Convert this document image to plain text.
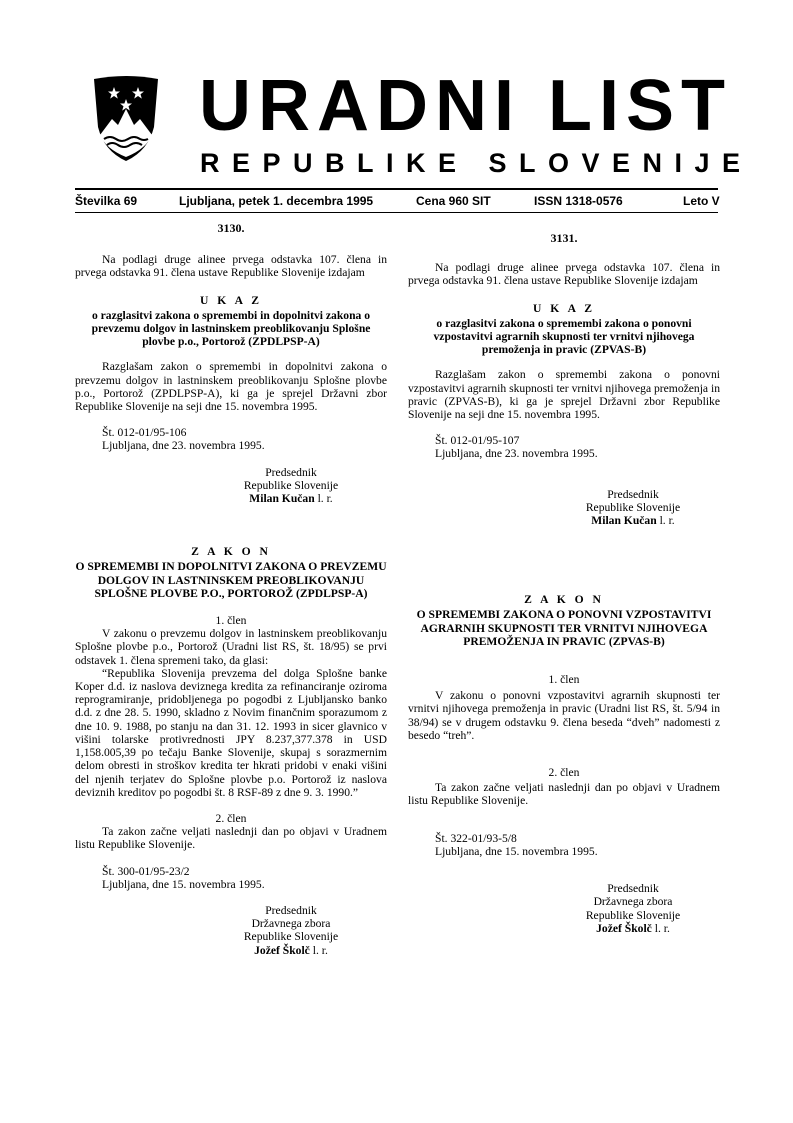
URADNI LIST
REPUBLIKE SLOVENIJE
Številka 69	Ljubljana, petek 1. decembra 1995	Cena 960 SIT	ISSN 1318-0576	Leto V

3130.

Na podlagi druge alinee prvega odstavka 107. člena in prvega odstavka 91. člena ustave Republike Slovenije izdajam

U K A Z

o razglasitvi zakona o spremembi in dopolnitvi zakona o prevzemu dolgov in lastninskem preoblikovanju Splošne plovbe p.o., Portorož (ZPDLPSP-A)

Razglašam zakon o spremembi in dopolnitvi zakona o prevzemu dolgov in lastninskem preoblikovanju Splošne plovbe p.o., Portorož (ZPDLPSP-A), ki ga je sprejel Državni zbor Republike Slovenije na seji dne 15. novembra 1995.

Št. 012-01/95-106

Ljubljana, dne 23. novembra 1995.

Predsednik

Republike Slovenije

Milan Kučan l. r.

Z A K O N

O SPREMEMBI IN DOPOLNITVI ZAKONA O PREVZEMU DOLGOV IN LASTNINSKEM PREOBLIKOVANJU SPLOŠNE PLOVBE P.O., PORTOROŽ (ZPDLPSP-A)

1. člen

V zakonu o prevzemu dolgov in lastninskem preoblikovanju Splošne plovbe p.o., Portorož (Uradni list RS, št. 18/95) se prvi odstavek 1. člena spremeni tako, da glasi:

“Republika Slovenija prevzema del dolga Splošne banke Koper d.d. iz naslova deviznega kredita za refinanciranje oziroma reprogramiranje, pridobljenega po pogodbi z Ljubljansko banko d.d. z dne 28. 5. 1990, skladno z Novim finančnim sporazumom z dne 10. 9. 1988, po stanju na dan 31. 12. 1993 in sicer glavnico v višini tolarske protivrednosti JPY 8.237,377.378 in USD 1,158.005,39 po tečaju Banke Slovenije, skupaj s sorazmernim delom obresti in stroškov kredita ter hkrati pridobi v enaki višini del njenih terjatev do Splošne plovbe p.o. Portorož iz naslova deviznih kreditov po pogodbi št. 8 RSF-89 z dne 9. 3. 1990.”

2. člen

Ta zakon začne veljati naslednji dan po objavi v Uradnem listu Republike Slovenije.

Št. 300-01/95-23/2

Ljubljana, dne 15. novembra 1995.

Predsednik

Državnega zbora

Republike Slovenije

Jožef Školč l. r.

3131.

Na podlagi druge alinee prvega odstavka 107. člena in prvega odstavka 91. člena ustave Republike Slovenije izdajam

U K A Z

o razglasitvi zakona o spremembi zakona o ponovni vzpostavitvi agrarnih skupnosti ter vrnitvi njihovega premoženja in pravic (ZPVAS-B)

Razglašam zakon o spremembi zakona o ponovni vzpostavitvi agrarnih skupnosti ter vrnitvi njihovega premoženja in pravic (ZPVAS-B), ki ga je sprejel Državni zbor Republike Slovenije na seji dne 15. novembra 1995.

Št. 012-01/95-107

Ljubljana, dne 23. novembra 1995.

Predsednik

Republike Slovenije

Milan Kučan l. r.

Z A K O N

O SPREMEMBI ZAKONA O PONOVNI VZPOSTAVITVI AGRARNIH SKUPNOSTI TER VRNITVI NJIHOVEGA PREMOŽENJA IN PRAVIC (ZPVAS-B)

1. člen

V zakonu o ponovni vzpostavitvi agrarnih skupnosti ter vrnitvi njihovega premoženja in pravic (Uradni list RS, št. 5/94 in 38/94) se v drugem odstavku 9. člena beseda “dveh” nadomesti z besedo “treh”.

2. člen

Ta zakon začne veljati naslednji dan po objavi v Uradnem listu Republike Slovenije.

Št. 322-01/93-5/8

Ljubljana, dne 15. novembra 1995.

Predsednik

Državnega zbora

Republike Slovenije

Jožef Školč l. r.
